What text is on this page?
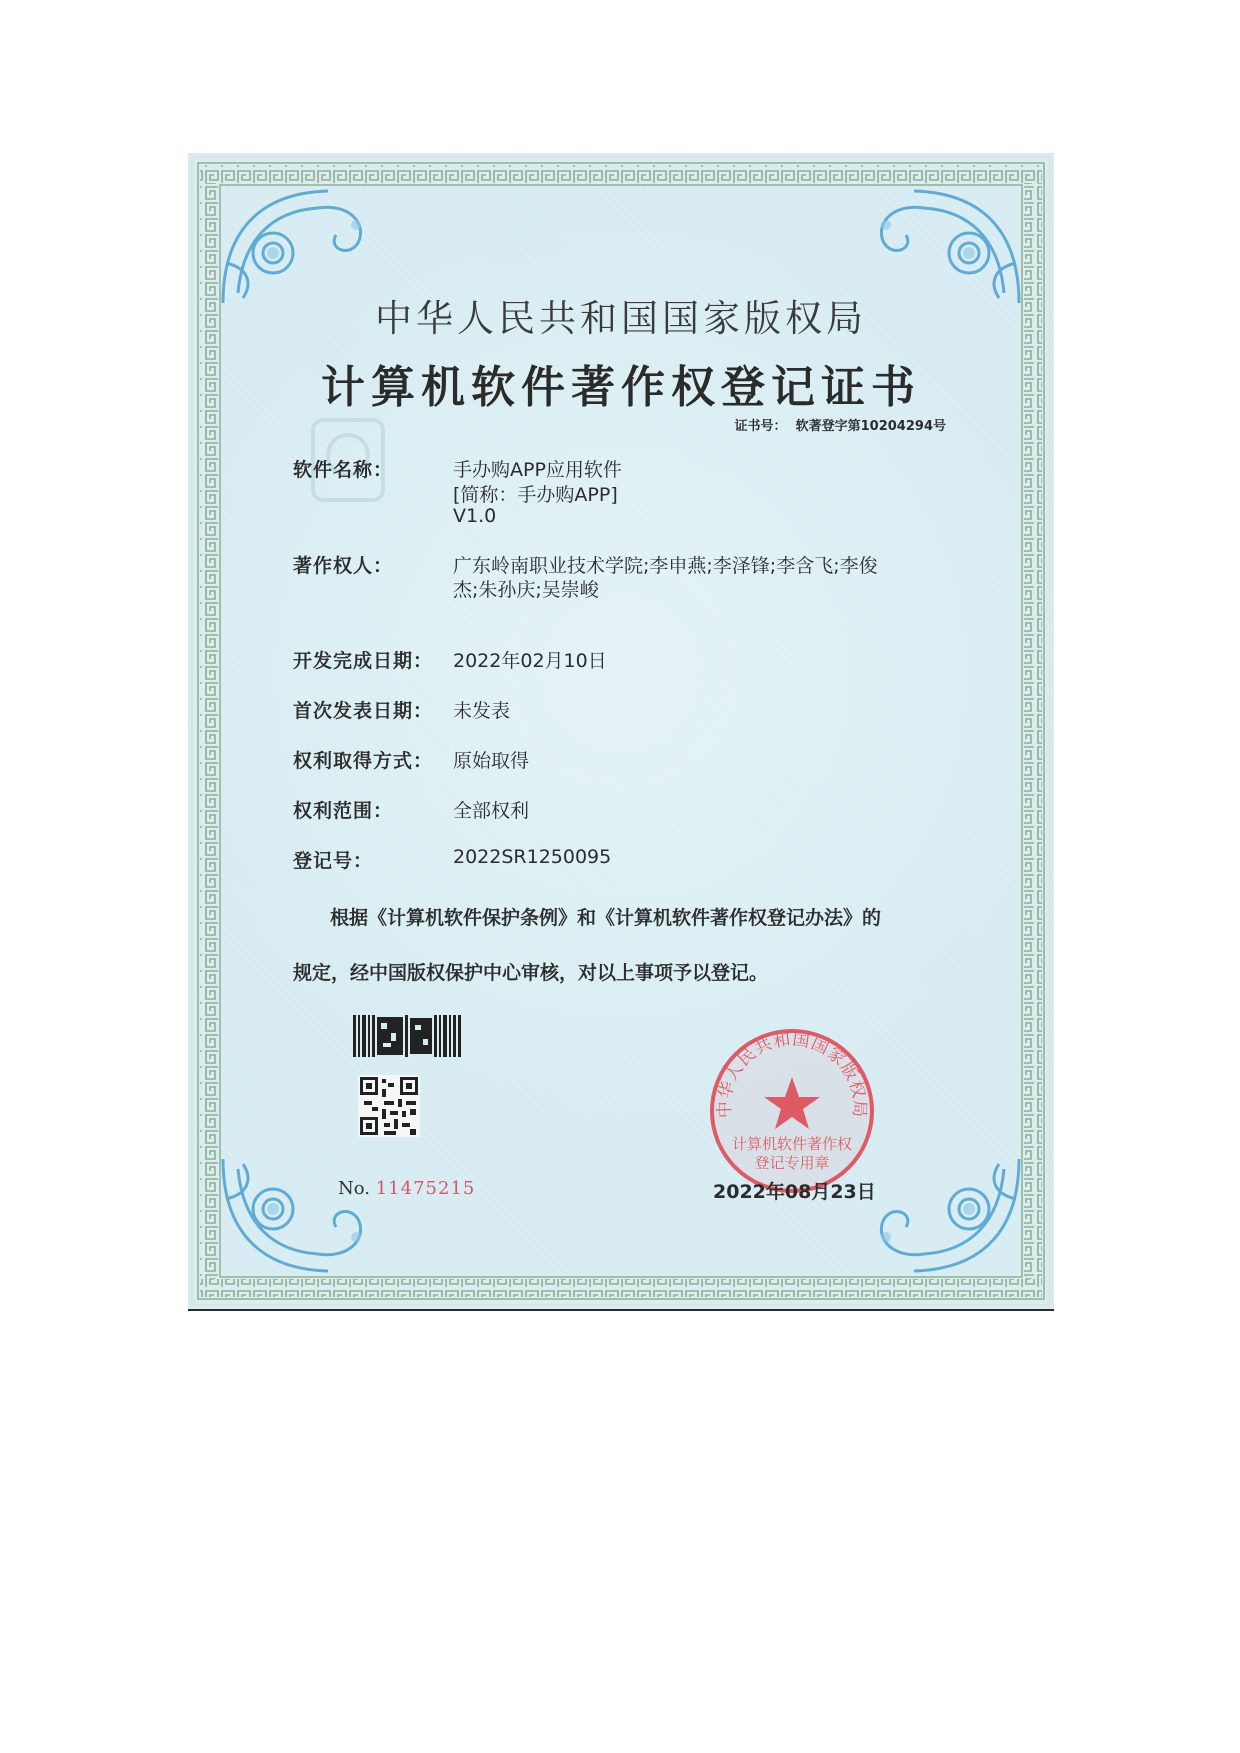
中华人民共和国国家版权局
计算机软件著作权登记证书
证书号： 软著登字第10204294号
软件名称：	手办购APP应用软件
[简称：手办购APP]
V1.0
著作权人：	广东岭南职业技术学院;李申燕;李泽锋;李含飞;李俊
杰;朱孙庆;吴崇峻
开发完成日期： 2022年02月10日
首次发表日期： 未发表
权利取得方式： 原始取得
权利范围：	全部权利
登记号：	2022SR1250095
根据《计算机软件保护条例》和《计算机软件著作权登记办法》的
规定，经中国版权保护中心审核，对以上事项予以登记。
No. 11475215
中华人民共和国国家版权局
计算机软件著作权
登记专用章
2022年08月23日
